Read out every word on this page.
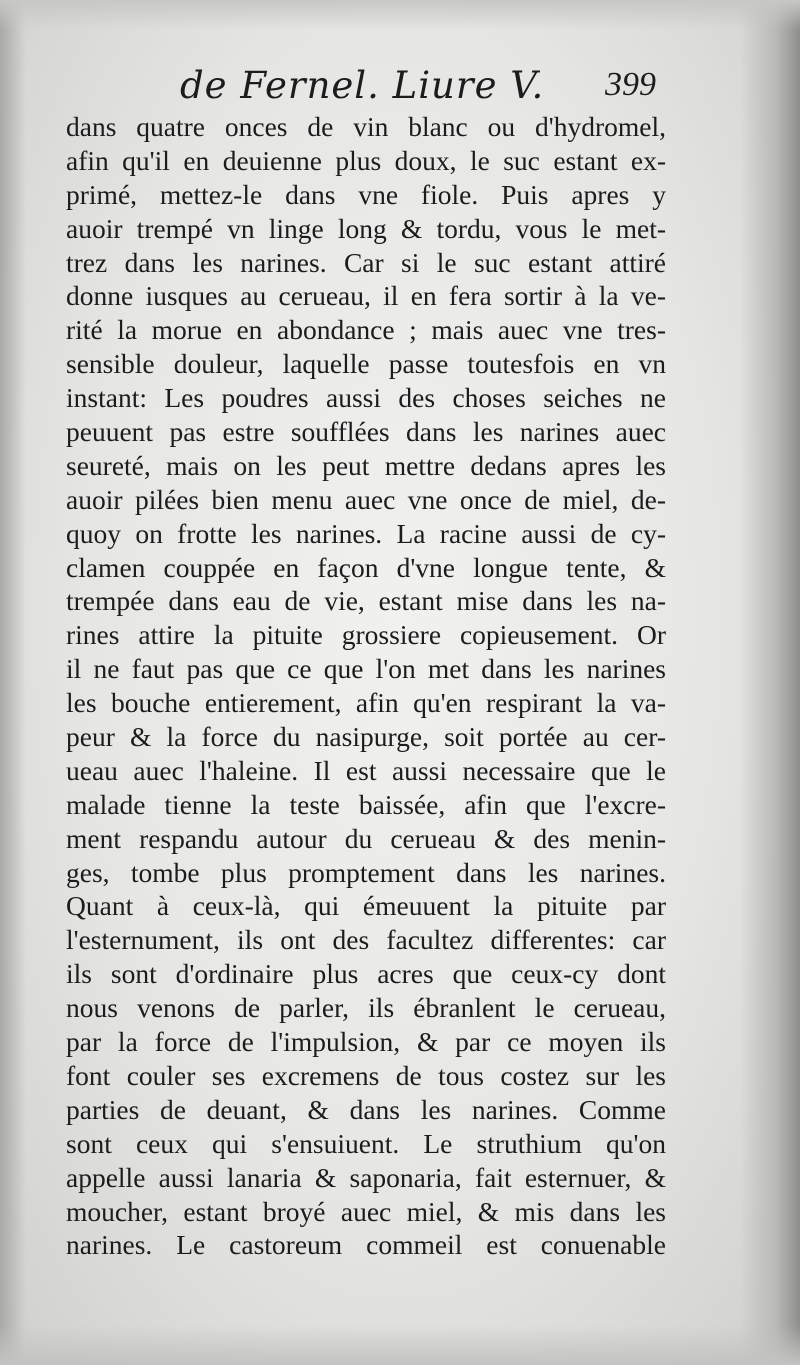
de Fernel. Liure V. 399
dans quatre onces de vin blanc ou d'hydromel,
afin qu'il en deuienne plus doux, le suc estant ex-
primé, mettez-le dans vne fiole. Puis apres y
auoir trempé vn linge long & tordu, vous le met-
trez dans les narines. Car si le suc estant attiré
donne iusques au cerueau, il en fera sortir à la ve-
rité la morue en abondance ; mais auec vne tres-
sensible douleur, laquelle passe toutesfois en vn
instant: Les poudres aussi des choses seiches ne
peuuent pas estre soufflées dans les narines auec
seureté, mais on les peut mettre dedans apres les
auoir pilées bien menu auec vne once de miel, de-
quoy on frotte les narines. La racine aussi de cy-
clamen couppée en façon d'vne longue tente, &
trempée dans eau de vie, estant mise dans les na-
rines attire la pituite grossiere copieusement. Or
il ne faut pas que ce que l'on met dans les narines
les bouche entierement, afin qu'en respirant la va-
peur & la force du nasipurge, soit portée au cer-
ueau auec l'haleine. Il est aussi necessaire que le
malade tienne la teste baissée, afin que l'excre-
ment respandu autour du cerueau & des menin-
ges, tombe plus promptement dans les narines.
Quant à ceux-là, qui émeuuent la pituite par
l'esternument, ils ont des facultez differentes: car
ils sont d'ordinaire plus acres que ceux-cy dont
nous venons de parler, ils ébranlent le cerueau,
par la force de l'impulsion, & par ce moyen ils
font couler ses excremens de tous costez sur les
parties de deuant, & dans les narines. Comme
sont ceux qui s'ensuiuent. Le struthium qu'on
appelle aussi lanaria & saponaria, fait esternuer, &
moucher, estant broyé auec miel, & mis dans les
narines. Le castoreum commeil est conuenable
